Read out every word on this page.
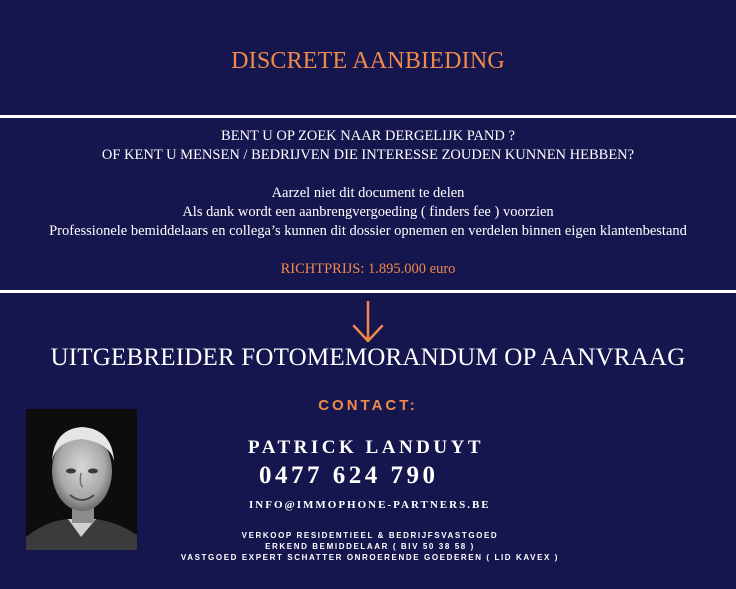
DISCRETE AANBIEDING
BENT U OP ZOEK NAAR DERGELIJK PAND ?
OF KENT U MENSEN / BEDRIJVEN DIE INTERESSE ZOUDEN KUNNEN HEBBEN?
Aarzel niet dit document te delen
Als dank wordt een aanbrengvergoeding ( finders fee ) voorzien
Professionele bemiddelaars en collega’s kunnen dit dossier opnemen en verdelen binnen eigen klantenbestand
RICHTPRIJS: 1.895.000 euro
UITGEBREIDER FOTOMEMORANDUM OP AANVRAAG
CONTACT:
PATRICK LANDUYT
0477 624 790
INFO@IMMOPHONE-PARTNERS.BE
VERKOOP RESIDENTIEEL & BEDRIJFSVASTGOED
ERKEND BEMIDDELAAR ( BIV 50 38 58 )
VASTGOED EXPERT SCHATTER ONROERENDE GOEDEREN ( LID KAVEX )
